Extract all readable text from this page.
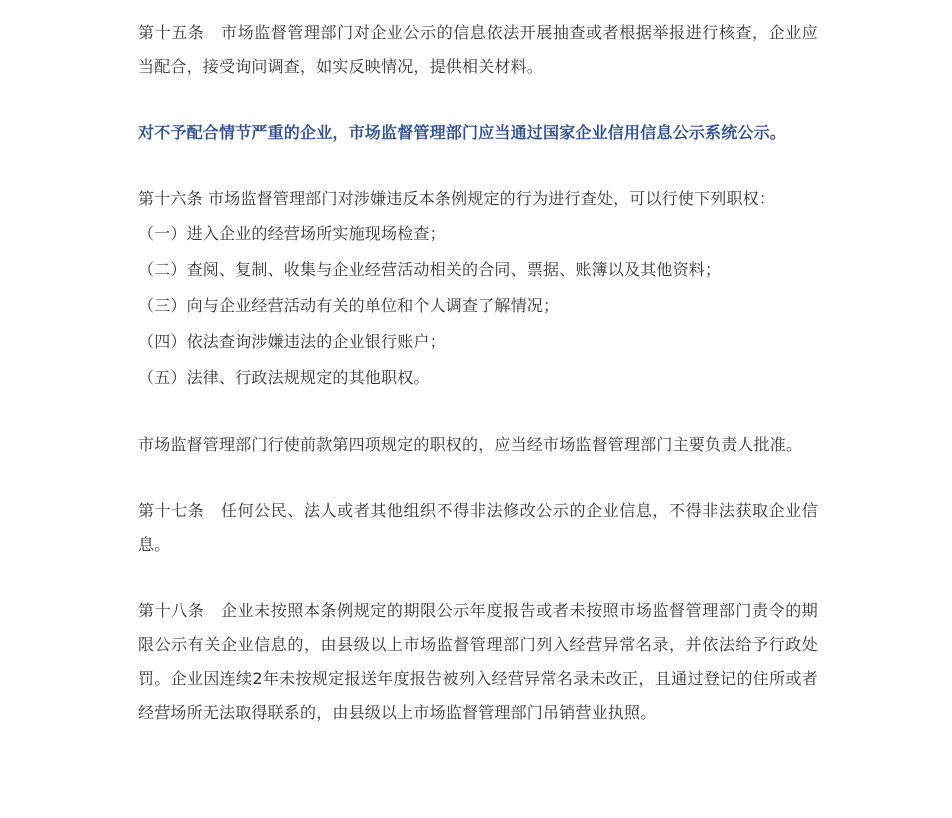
第十五条　市场监督管理部门对企业公示的信息依法开展抽查或者根据举报进行核查，企业应当配合，接受询问调查，如实反映情况，提供相关材料。

对不予配合情节严重的企业，市场监督管理部门应当通过国家企业信用信息公示系统公示。

第十六条 市场监督管理部门对涉嫌违反本条例规定的行为进行查处，可以行使下列职权：

（一）进入企业的经营场所实施现场检查；

（二）查阅、复制、收集与企业经营活动相关的合同、票据、账簿以及其他资料；

（三）向与企业经营活动有关的单位和个人调查了解情况；

（四）依法查询涉嫌违法的企业银行账户；

（五）法律、行政法规规定的其他职权。

市场监督管理部门行使前款第四项规定的职权的，应当经市场监督管理部门主要负责人批准。

第十七条　任何公民、法人或者其他组织不得非法修改公示的企业信息，不得非法获取企业信息。

第十八条　企业未按照本条例规定的期限公示年度报告或者未按照市场监督管理部门责令的期限公示有关企业信息的，由县级以上市场监督管理部门列入经营异常名录，并依法给予行政处罚。企业因连续2年未按规定报送年度报告被列入经营异常名录未改正，且通过登记的住所或者经营场所无法取得联系的，由县级以上市场监督管理部门吊销营业执照。
